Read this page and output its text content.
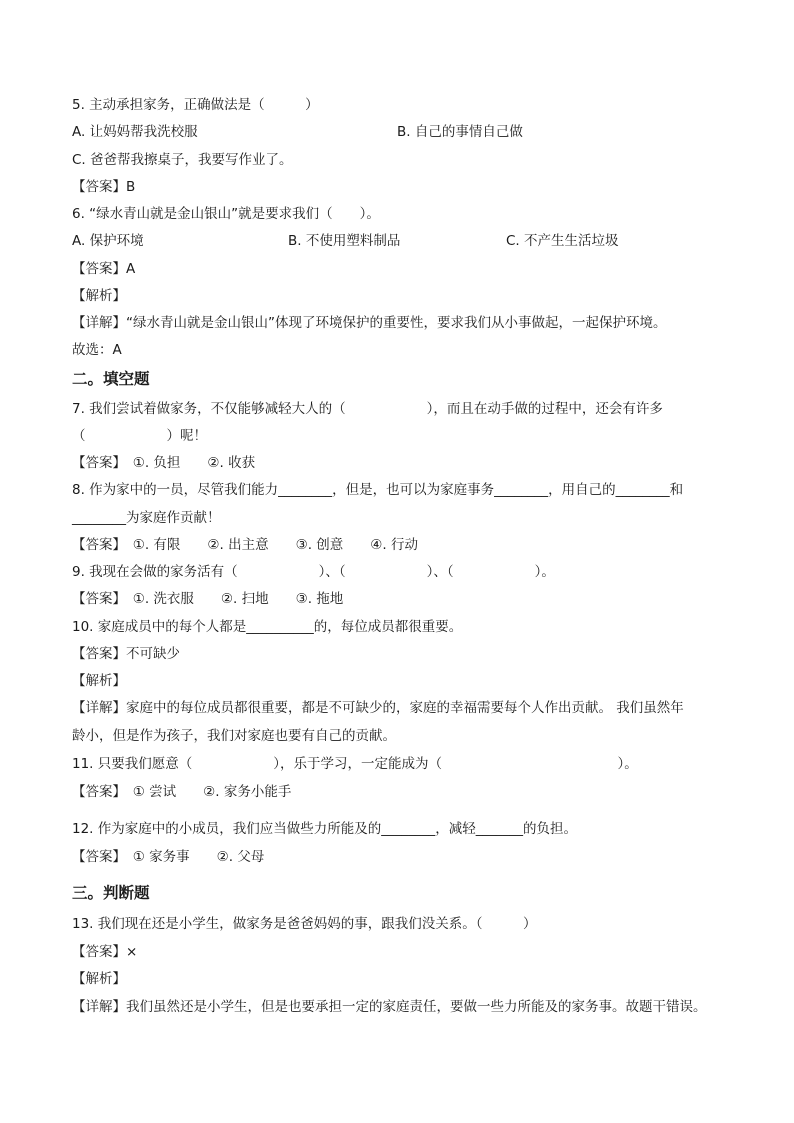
5. 主动承担家务，正确做法是（　　　）
A. 让妈妈帮我洗校服	B. 自己的事情自己做
C. 爸爸帮我擦桌子，我要写作业了。
【答案】B
6. “绿水青山就是金山银山”就是要求我们（　　）。
A. 保护环境	B. 不使用塑料制品	C. 不产生生活垃圾
【答案】A
【解析】
【详解】“绿水青山就是金山银山”体现了环境保护的重要性，要求我们从小事做起，一起保护环境。
故选：A
二。填空题
7. 我们尝试着做家务，不仅能够减轻大人的（　　　　　　），而且在动手做的过程中，还会有许多
（　　　　　　）呢！
【答案】　①. 负担　　②. 收获
8. 作为家中的一员，尽管我们能力________，但是，也可以为家庭事务________，用自己的________和
________为家庭作贡献！
【答案】　①. 有限　　②. 出主意　　③. 创意　　④. 行动
9. 我现在会做的家务活有（　　　　　　）、（　　　　　　）、（　　　　　　）。
【答案】　①. 洗衣服　　②. 扫地　　③. 拖地
10. 家庭成员中的每个人都是__________的，每位成员都很重要。
【答案】不可缺少
【解析】
【详解】家庭中的每位成员都很重要，都是不可缺少的，家庭的幸福需要每个人作出贡献。 我们虽然年
龄小，但是作为孩子，我们对家庭也要有自己的贡献。
11. 只要我们愿意（　　　　　　），乐于学习，一定能成为（　　　　　　　　　　　　　）。
【答案】　① 尝试　　②. 家务小能手
12. 作为家庭中的小成员，我们应当做些力所能及的________，减轻_______的负担。
【答案】　① 家务事　　②. 父母
三。判断题
13. 我们现在还是小学生，做家务是爸爸妈妈的事，跟我们没关系。（　　　）
【答案】×
【解析】
【详解】我们虽然还是小学生，但是也要承担一定的家庭责任，要做一些力所能及的家务事。故题干错误。
